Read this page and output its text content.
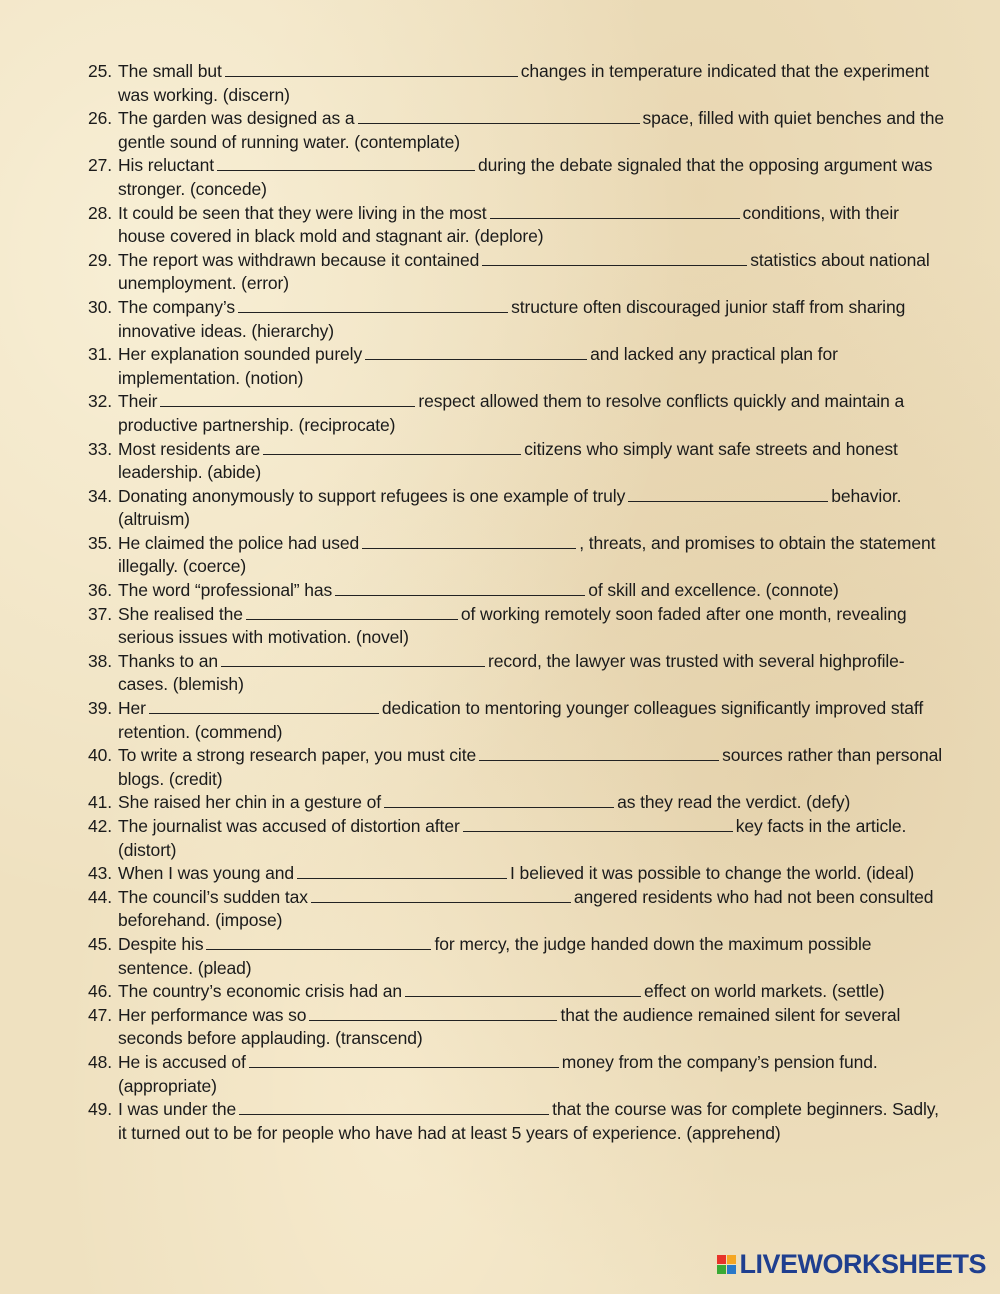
25. The small but	changes in temperature indicated that the experiment was working. (discern)
26. The garden was designed as a	space, filled with quiet benches and the gentle sound of running water. (contemplate)
27. His reluctant	during the debate signaled that the opposing argument was stronger. (concede)
28. It could be seen that they were living in the most	conditions, with their house covered in black mold and stagnant air. (deplore)
29. The report was withdrawn because it contained	statistics about national unemployment. (error)
30. The company’s	structure often discouraged junior staff from sharing innovative ideas. (hierarchy)
31. Her explanation sounded purely	and lacked any practical plan for implementation. (notion)
32. Their	respect allowed them to resolve conflicts quickly and maintain a productive partnership. (reciprocate)
33. Most residents are	citizens who simply want safe streets and honest leadership. (abide)
34. Donating anonymously to support refugees is one example of truly	behavior. (altruism)
35. He claimed the police had used	, threats, and promises to obtain the statement illegally. (coerce)
36. The word “professional” has	of skill and excellence. (connote)
37. She realised the	of working remotely soon faded after one month, revealing serious issues with motivation. (novel)
38. Thanks to an	record, the lawyer was trusted with several highprofile- cases. (blemish)
39. Her	dedication to mentoring younger colleagues significantly improved staff retention. (commend)
40. To write a strong research paper, you must cite	sources rather than personal blogs. (credit)
41. She raised her chin in a gesture of	as they read the verdict. (defy)
42. The journalist was accused of distortion after	key facts in the article. (distort)
43. When I was young and	I believed it was possible to change the world. (ideal)
44. The council’s sudden tax	angered residents who had not been consulted beforehand. (impose)
45. Despite his	for mercy, the judge handed down the maximum possible sentence. (plead)
46. The country’s economic crisis had an	effect on world markets. (settle)
47. Her performance was so	that the audience remained silent for several seconds before applauding. (transcend)
48. He is accused of	money from the company’s pension fund. (appropriate)
49. I was under the	that the course was for complete beginners. Sadly, it turned out to be for people who have had at least 5 years of experience. (apprehend)
LIVEWORKSHEETS
